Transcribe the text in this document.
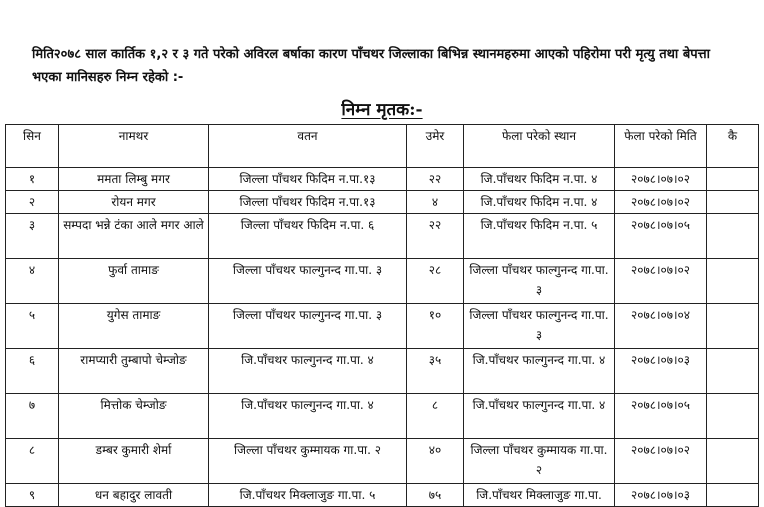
मिति२०७८ साल कार्तिक १,२ र ३ गते परेको अविरल बर्षाका कारण पाँचथर जिल्लाका बिभिन्न स्थानमहरुमा आएको पहिरोमा परी मृत्यु तथा बेपत्ता भएका मानिसहरु निम्न रहेको :-

निम्न मृतक:-
सिन	नामथर	वतन	उमेर	फेला परेको स्थान	फेला परेको मिति	कै
१	ममता लिम्बु मगर	जिल्ला पाँचथर फिदिम न.पा.१३	२२	जि.पाँचथर फिदिम न.पा. ४	२०७८।०७।०२	
२	रोयन मगर	जिल्ला पाँचथर फिदिम न.पा.१३	४	जि.पाँचथर फिदिम न.पा. ४	२०७८।०७।०२	
३	सम्पदा भन्ने टंका आले मगर आले	जिल्ला पाँचथर फिदिम न.पा. ६	२२	जि.पाँचथर फिदिम न.पा. ५	२०७८।०७।०५	
४	फुर्वा तामाङ	जिल्ला पाँचथर फाल्गुनन्द गा.पा. ३	२८	जिल्ला पाँचथर फाल्गुनन्द गा.पा. ३	२०७८।०७।०२	
५	युगेस तामाङ	जिल्ला पाँचथर फाल्गुनन्द गा.पा. ३	१०	जिल्ला पाँचथर फाल्गुनन्द गा.पा. ३	२०७८।०७।०४	
६	रामप्यारी तुम्बापो चेम्जोङ	जि.पाँचथर फाल्गुनन्द गा.पा. ४	३५	जि.पाँचथर फाल्गुनन्द गा.पा. ४	२०७८।०७।०३	
७	मित्तोक चेम्जोङ	जि.पाँचथर फाल्गुनन्द गा.पा. ४	८	जि.पाँचथर फाल्गुनन्द गा.पा. ४	२०७८।०७।०५	
८	डम्बर कुमारी शेर्मा	जिल्ला पाँचथर कुम्मायक गा.पा. २	४०	जिल्ला पाँचथर कुम्मायक गा.पा. २	२०७८।०७।०२	
९	धन बहादुर लावती	जि.पाँचथर मिक्लाजुङ गा.पा. ५	७५	जि.पाँचथर मिक्लाजुङ गा.पा.	२०७८।०७।०३	
